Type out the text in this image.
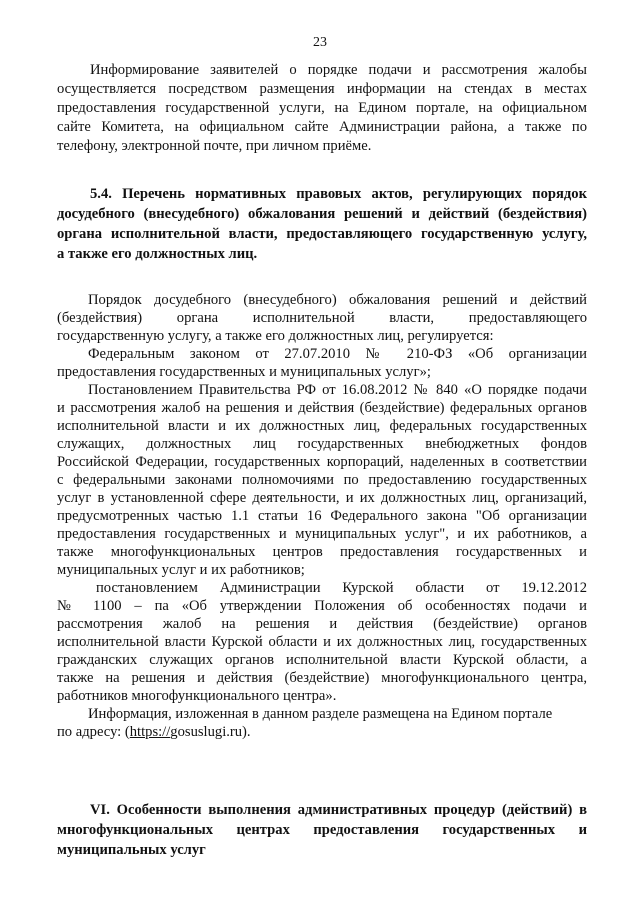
23
Информирование заявителей о порядке подачи и рассмотрения жалобы
осуществляется посредством размещения информации на стендах в местах
предоставления государственной услуги, на Едином портале, на официальном
сайте Комитета, на официальном сайте Администрации района, а также по
телефону, электронной почте, при личном приёме.
5.4. Перечень нормативных правовых актов, регулирующих порядок
досудебного (внесудебного) обжалования решений и действий (бездействия)
органа исполнительной власти, предоставляющего государственную услугу,
а также его должностных лиц.
Порядок досудебного (внесудебного) обжалования решений и действий
(бездействия) органа исполнительной власти, предоставляющего
государственную услугу, а также его должностных лиц, регулируется:
Федеральным законом от 27.07.2010 № 210-ФЗ «Об организации
предоставления государственных и муниципальных услуг»;
Постановлением Правительства РФ от 16.08.2012 № 840 «О порядке подачи
и рассмотрения жалоб на решения и действия (бездействие) федеральных органов
исполнительной власти и их должностных лиц, федеральных государственных
служащих, должностных лиц государственных внебюджетных фондов
Российской Федерации, государственных корпораций, наделенных в соответствии
с федеральными законами полномочиями по предоставлению государственных
услуг в установленной сфере деятельности, и их должностных лиц, организаций,
предусмотренных частью 1.1 статьи 16 Федерального закона "Об организации
предоставления государственных и муниципальных услуг", и их работников, а
также многофункциональных центров предоставления государственных и
муниципальных услуг и их работников;
постановлением Администрации Курской области от 19.12.2012
№ 1100 – па «Об утверждении Положения об особенностях подачи и
рассмотрения жалоб на решения и действия (бездействие) органов
исполнительной власти Курской области и их должностных лиц, государственных
гражданских служащих органов исполнительной власти Курской области, а
также на решения и действия (бездействие) многофункционального центра,
работников многофункционального центра».
Информация, изложенная в данном разделе размещена на Едином портале
по адресу: (https://gosuslugi.ru).
VI. Особенности выполнения административных процедур (действий) в
многофункциональных центрах предоставления государственных и
муниципальных услуг
